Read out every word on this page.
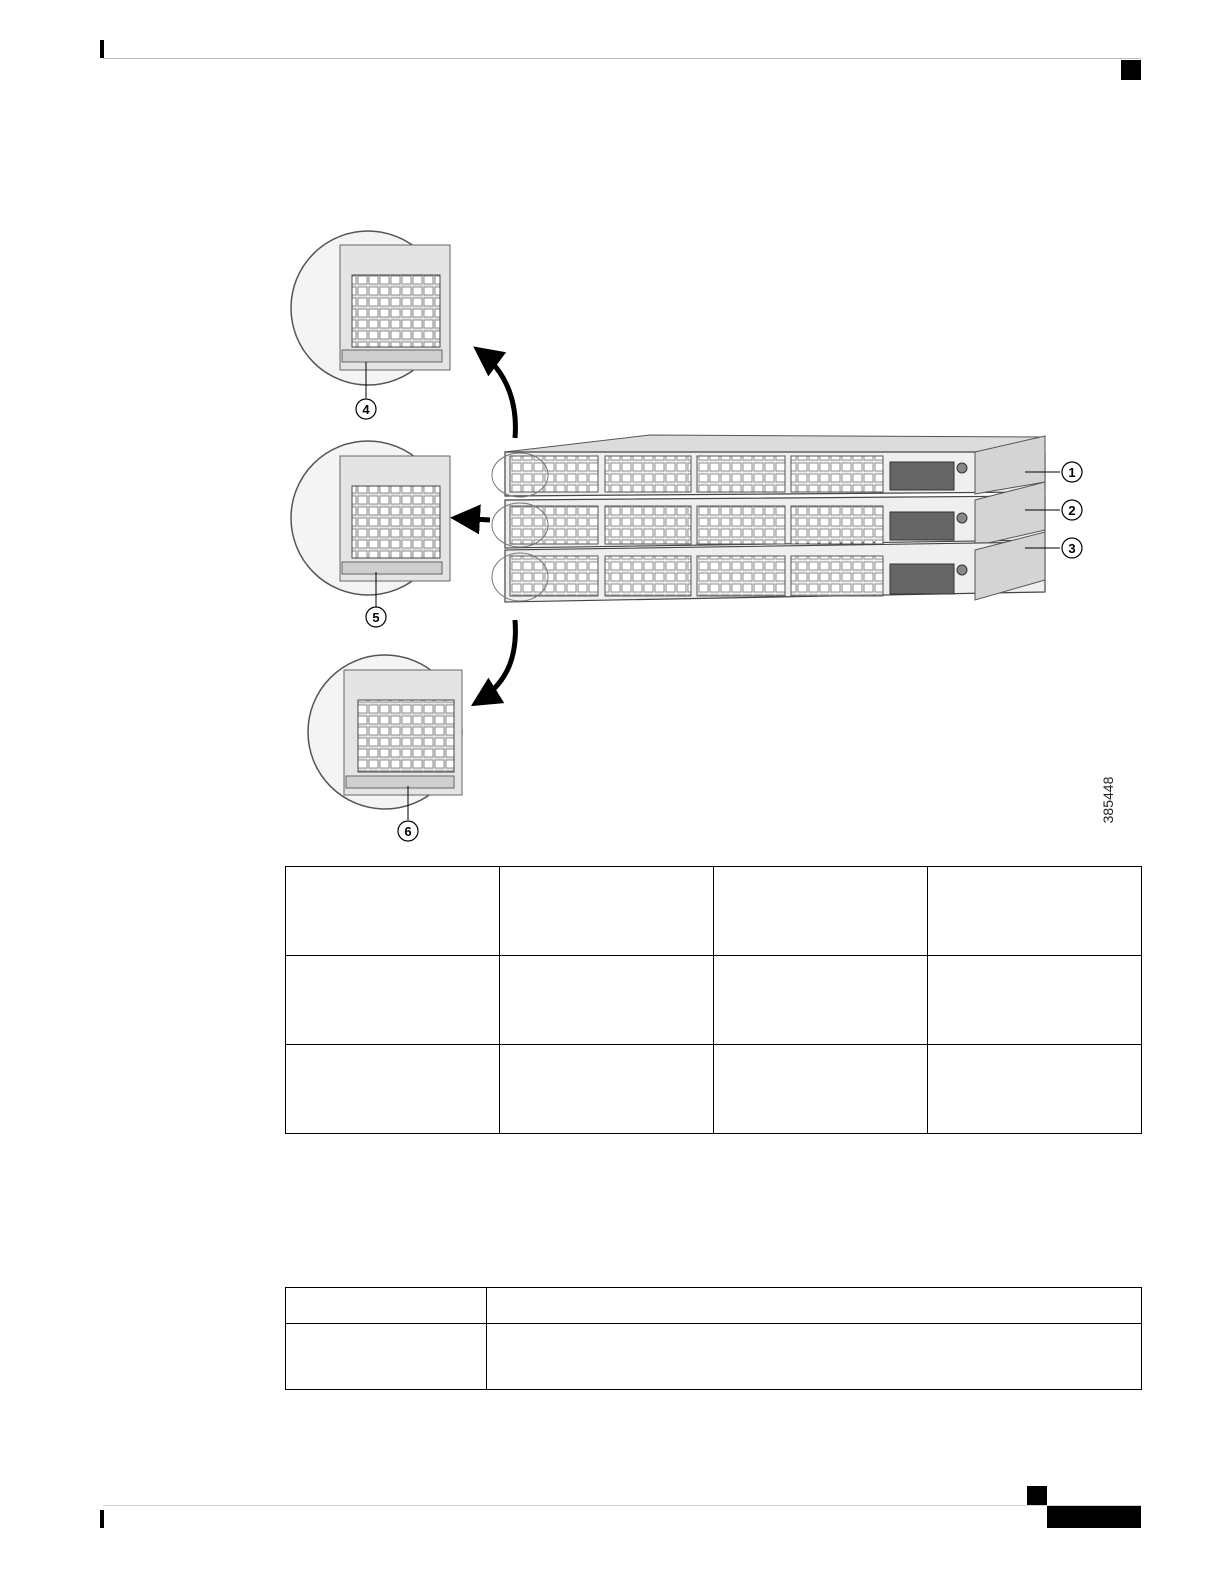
1
2
3
4
5
6
385448
